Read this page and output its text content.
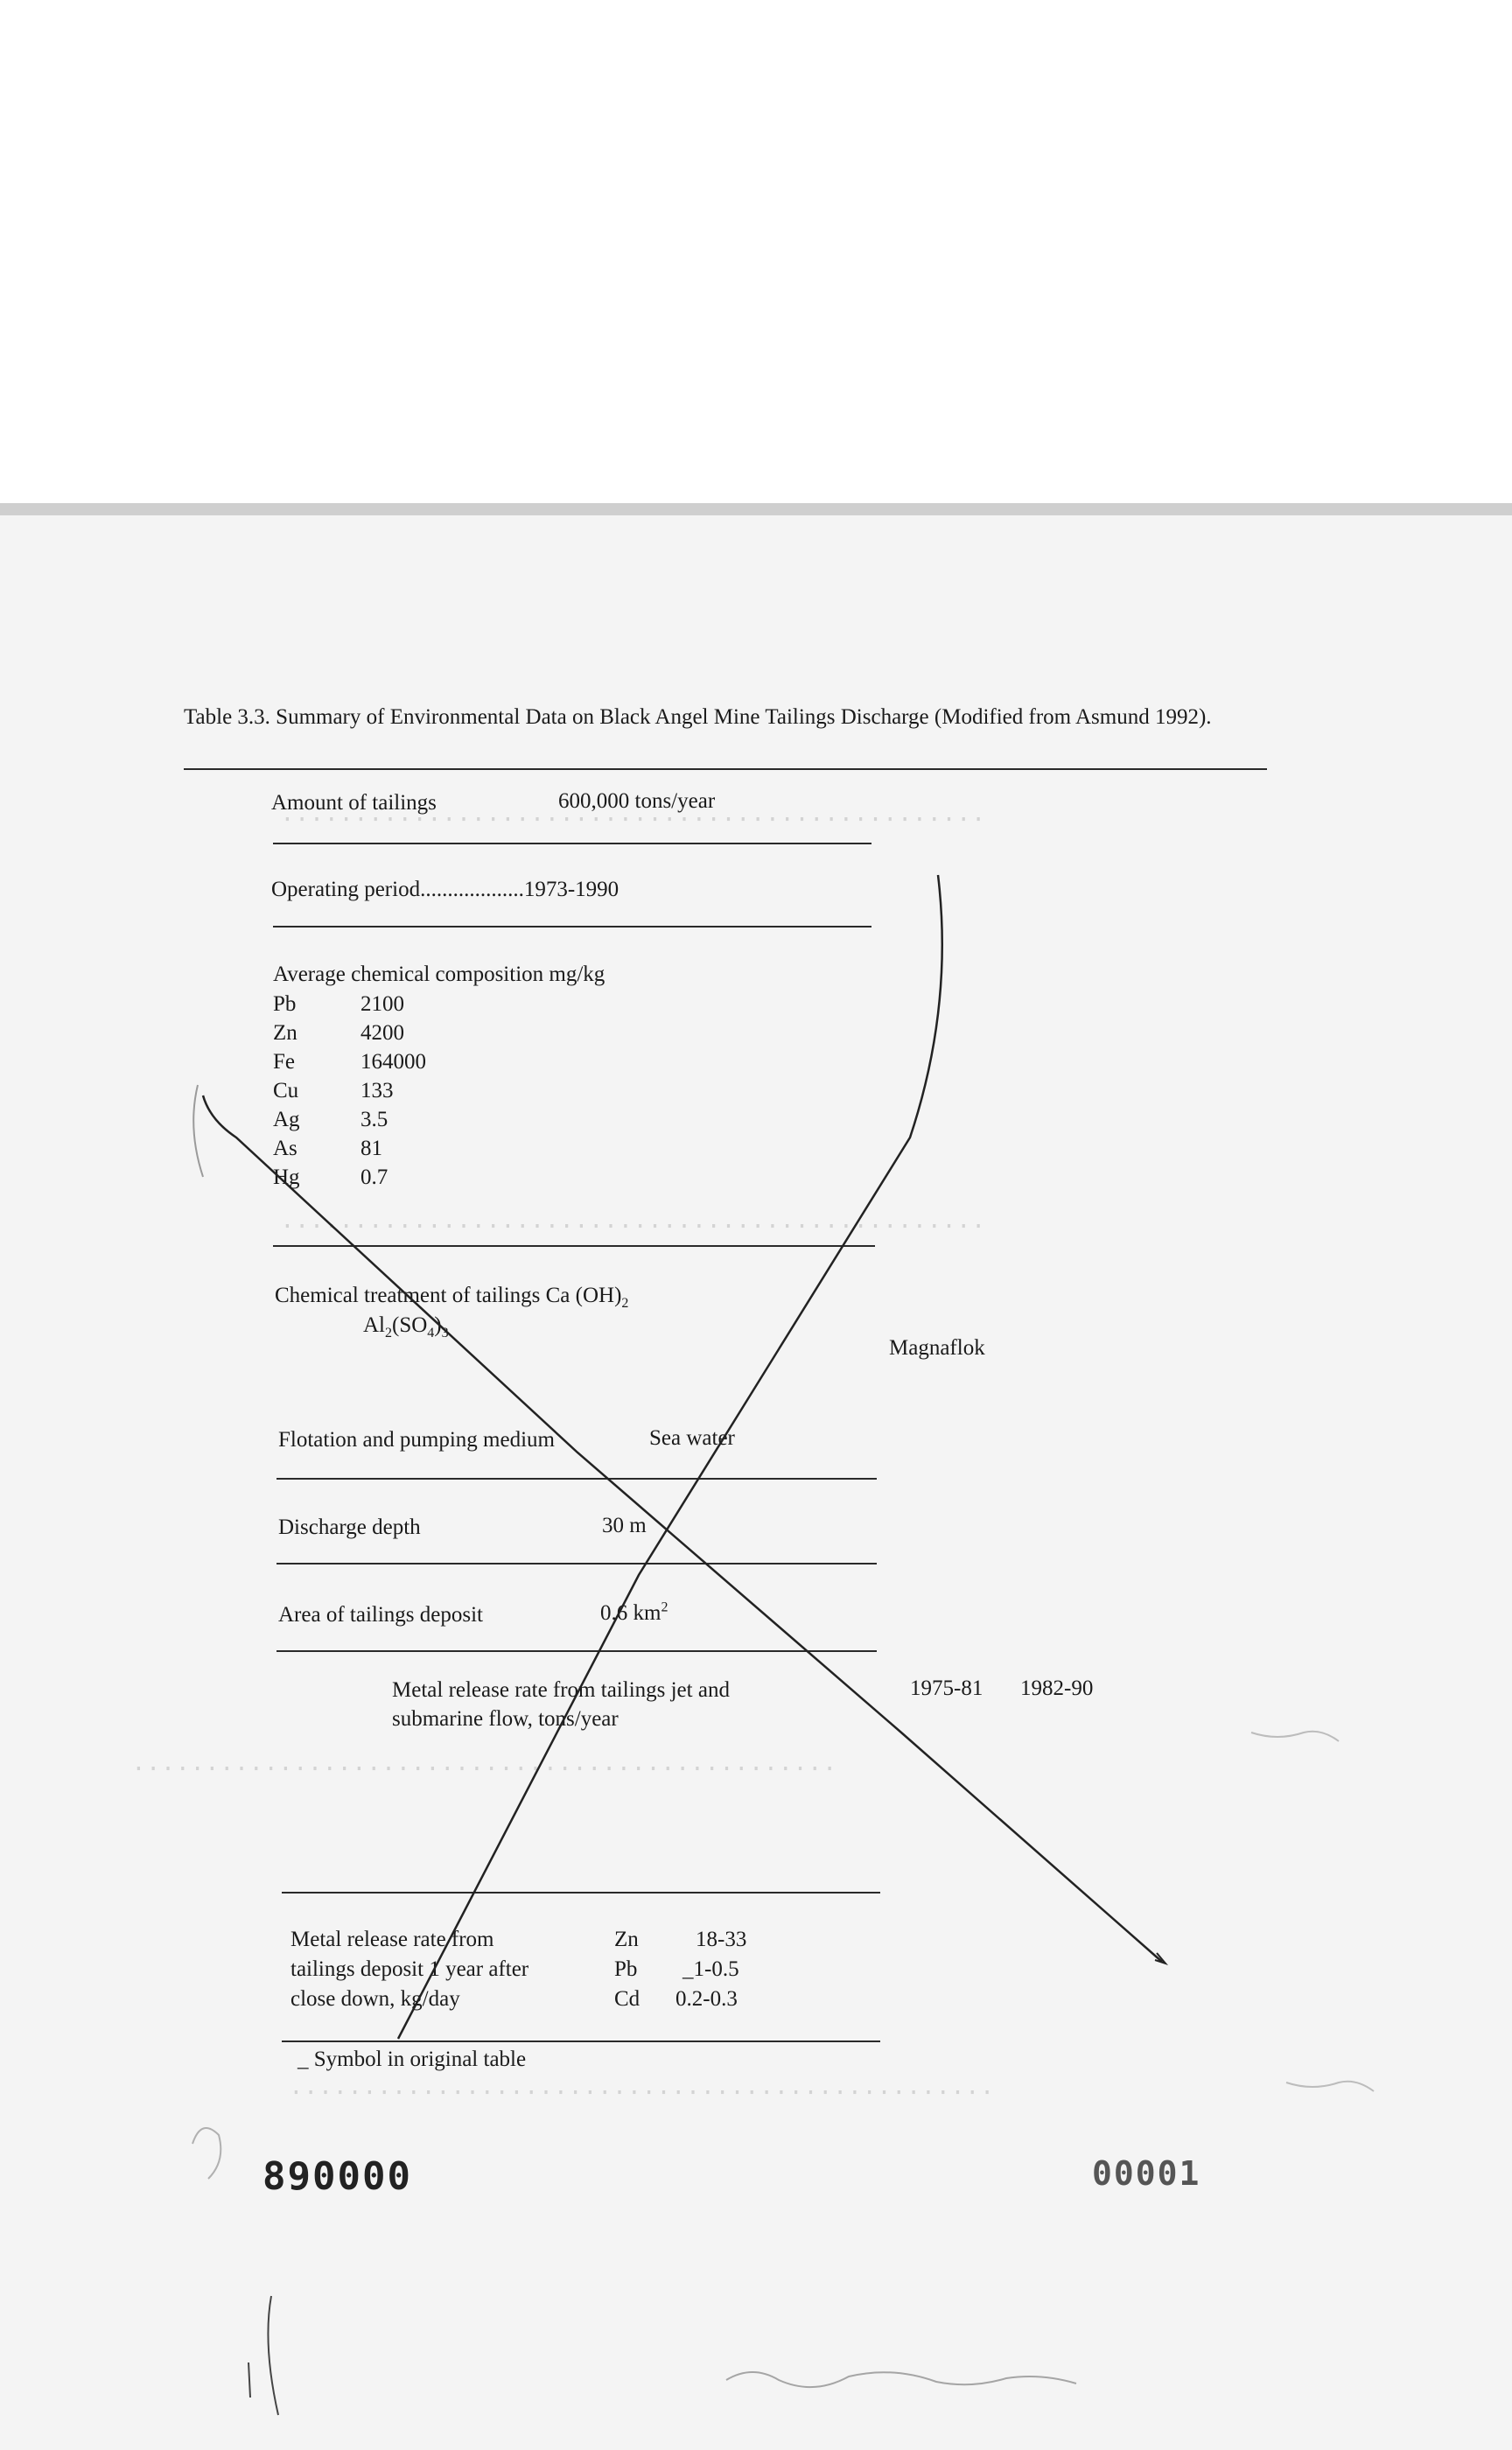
................................................
................................................
................................................
................................................
Table 3.3. Summary of Environmental Data on Black Angel Mine Tailings Discharge (Modified from Asmund 1992).
Amount of tailings	600,000 tons/year
Operating period...................1973-1990
Average chemical composition mg/kg
Pb	2100
Zn	4200
Fe	164000
Cu	133
Ag	3.5
As	81
Hg	0.7
Chemical treatment of tailings Ca $(OH)_2$
$Al_2(SO_4)_3$
Magnaflok
Flotation and pumping medium	Sea water
Discharge depth	30 m
Area of tailings deposit	0.6 $km^2$
Metal release rate from tailings jet and
submarine flow, tons/year
1975-81 1982-90
Metal release rate from
tailings deposit 1 year after
close down, kg/day
Zn	18-33
Pb _1-0.5
Cd 0.2-0.3
_ Symbol in original table
890000	00001
